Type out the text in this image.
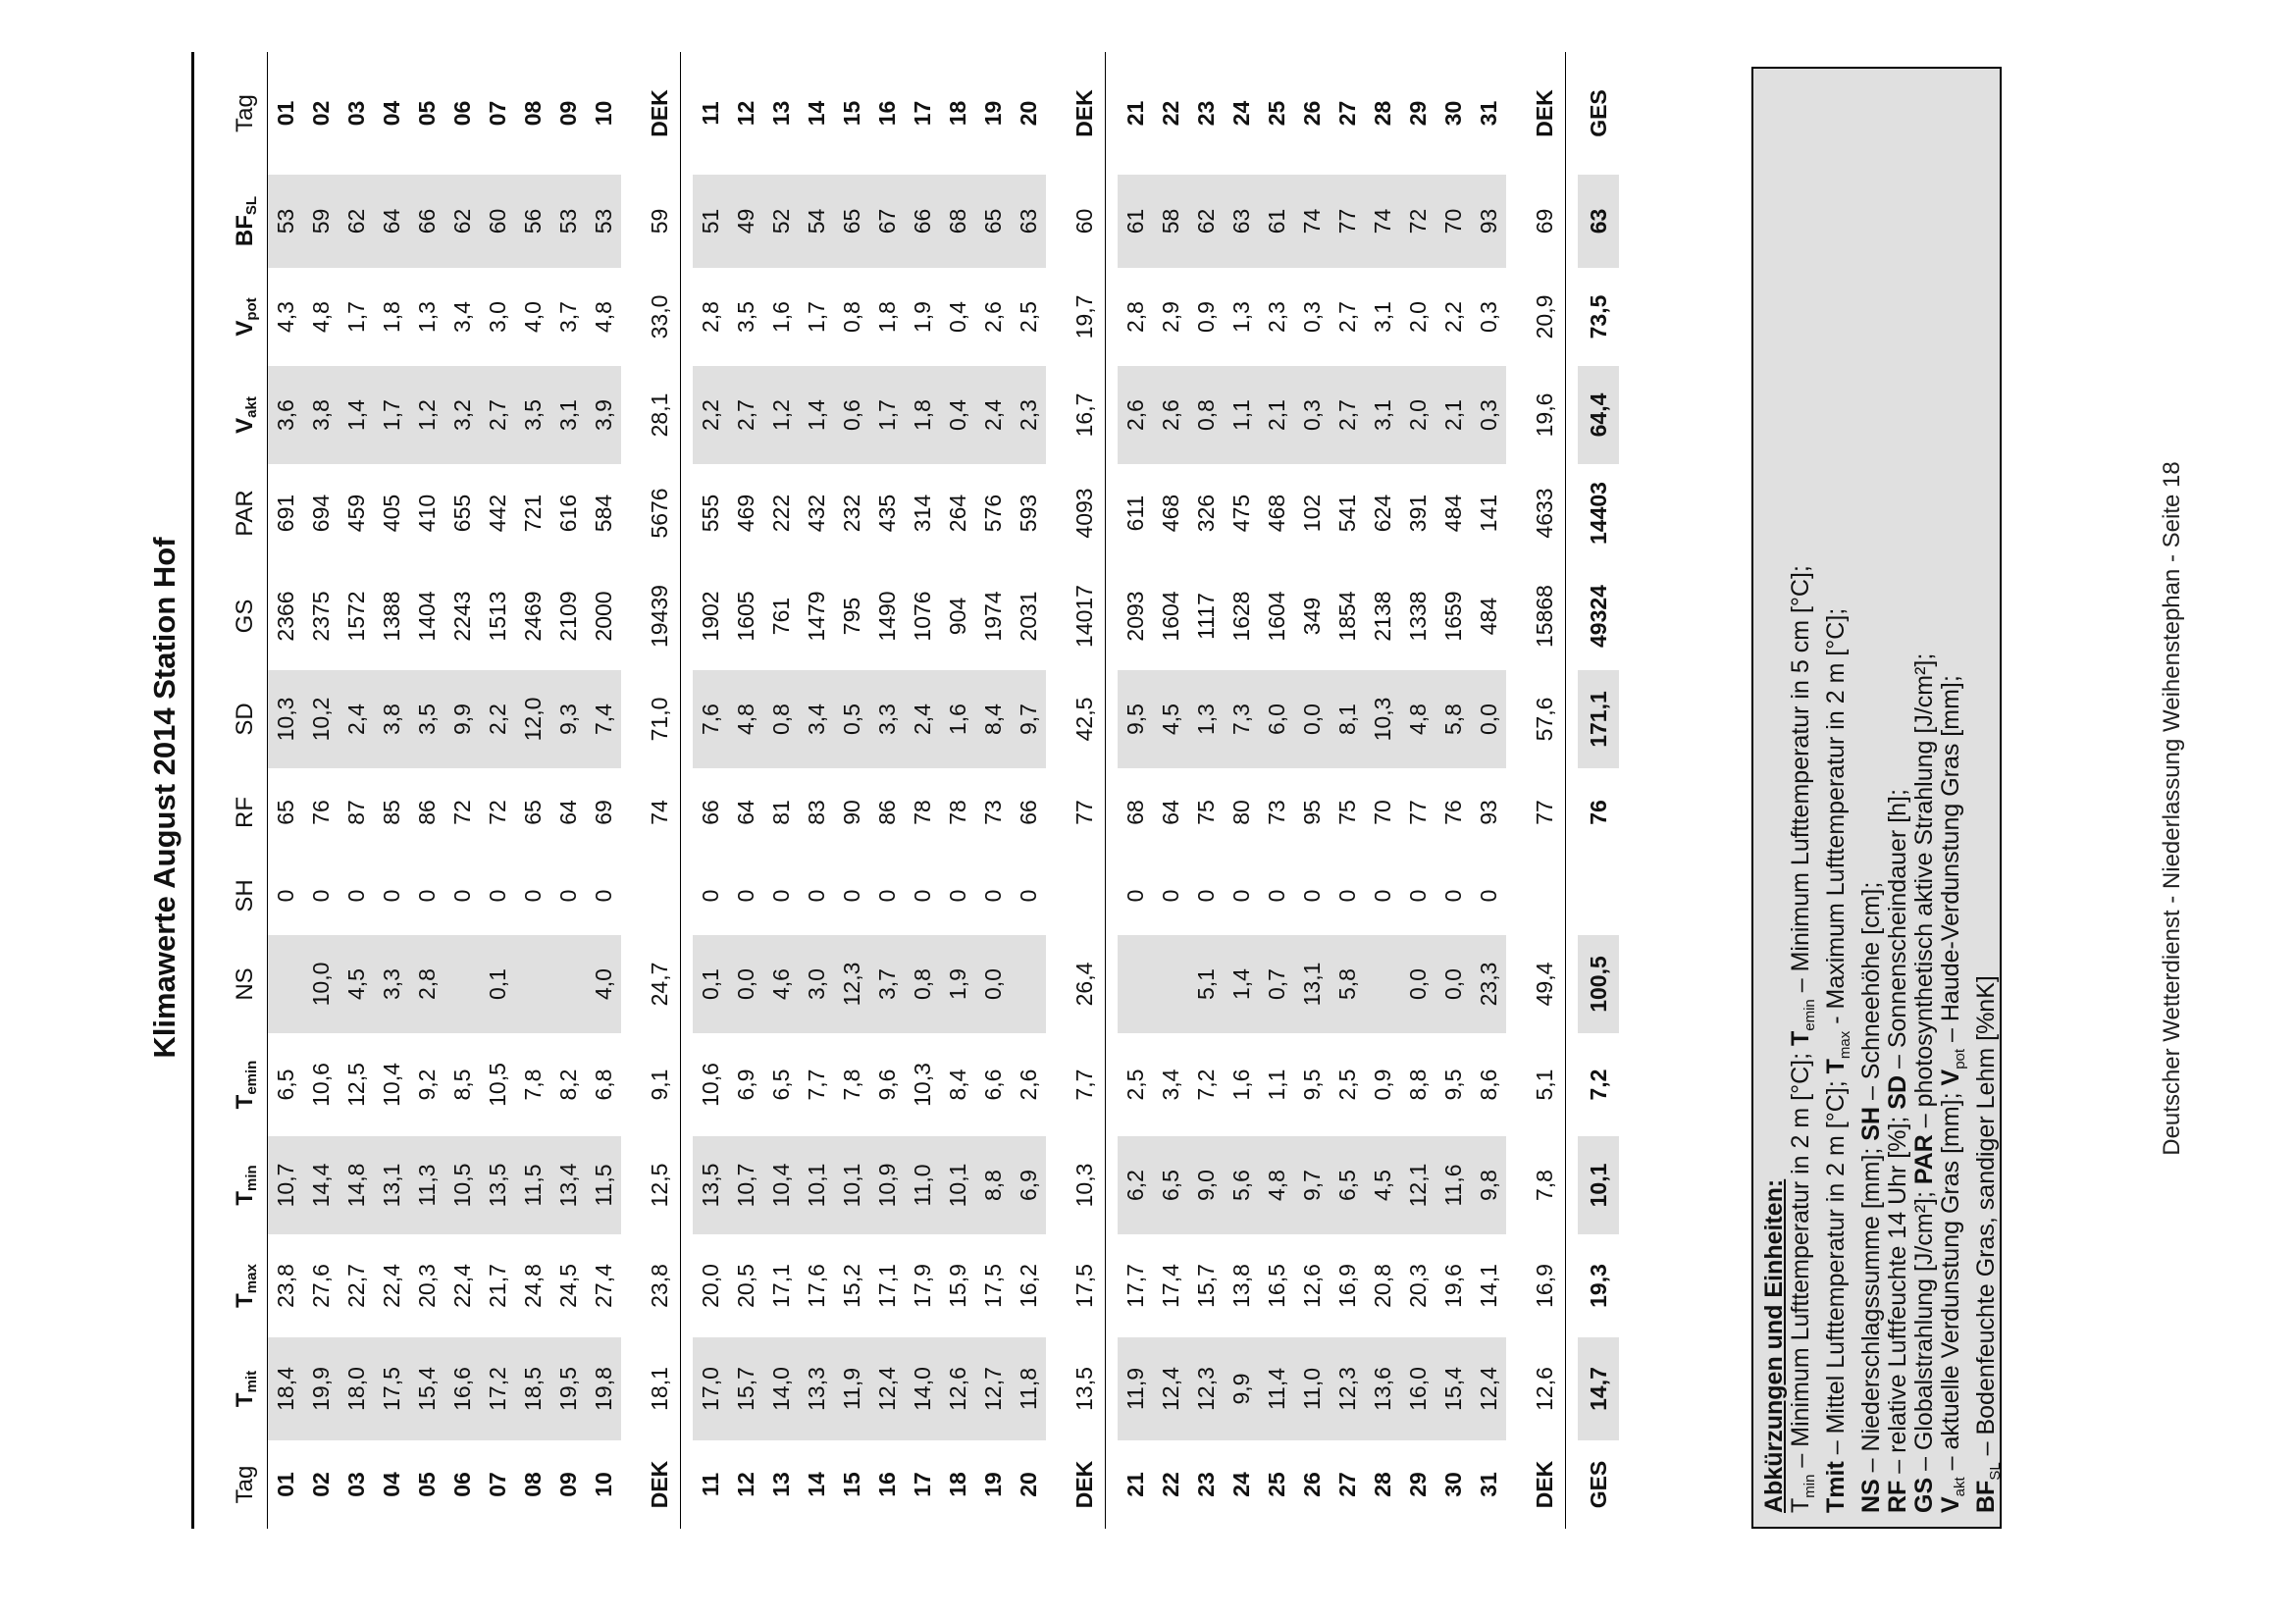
Klimawerte August 2014 Station Hof
Tag	$T_{mit}$	$T_{max}$	$T_{min}$	$T_{emin}$	NS	SH	RF	SD	GS	PAR	$V_{akt}$	$V_{pot}$	$BF_{SL}$	Tag
01	18,4	23,8	10,7	6,5		0	65	10,3	2366	691	3,6	4,3	53	01
02	19,9	27,6	14,4	10,6	10,0	0	76	10,2	2375	694	3,8	4,8	59	02
03	18,0	22,7	14,8	12,5	4,5	0	87	2,4	1572	459	1,4	1,7	62	03
04	17,5	22,4	13,1	10,4	3,3	0	85	3,8	1388	405	1,7	1,8	64	04
05	15,4	20,3	11,3	9,2	2,8	0	86	3,5	1404	410	1,2	1,3	66	05
06	16,6	22,4	10,5	8,5		0	72	9,9	2243	655	3,2	3,4	62	06
07	17,2	21,7	13,5	10,5	0,1	0	72	2,2	1513	442	2,7	3,0	60	07
08	18,5	24,8	11,5	7,8		0	65	12,0	2469	721	3,5	4,0	56	08
09	19,5	24,5	13,4	8,2		0	64	9,3	2109	616	3,1	3,7	53	09
10	19,8	27,4	11,5	6,8	4,0	0	69	7,4	2000	584	3,9	4,8	53	10

DEK	18,1	23,8	12,5	9,1	24,7		74	71,0	19439	5676	28,1	33,0	59	DEK

11	17,0	20,0	13,5	10,6	0,1	0	66	7,6	1902	555	2,2	2,8	51	11
12	15,7	20,5	10,7	6,9	0,0	0	64	4,8	1605	469	2,7	3,5	49	12
13	14,0	17,1	10,4	6,5	4,6	0	81	0,8	761	222	1,2	1,6	52	13
14	13,3	17,6	10,1	7,7	3,0	0	83	3,4	1479	432	1,4	1,7	54	14
15	11,9	15,2	10,1	7,8	12,3	0	90	0,5	795	232	0,6	0,8	65	15
16	12,4	17,1	10,9	9,6	3,7	0	86	3,3	1490	435	1,7	1,8	67	16
17	14,0	17,9	11,0	10,3	0,8	0	78	2,4	1076	314	1,8	1,9	66	17
18	12,6	15,9	10,1	8,4	1,9	0	78	1,6	904	264	0,4	0,4	68	18
19	12,7	17,5	8,8	6,6	0,0	0	73	8,4	1974	576	2,4	2,6	65	19
20	11,8	16,2	6,9	2,6		0	66	9,7	2031	593	2,3	2,5	63	20

DEK	13,5	17,5	10,3	7,7	26,4		77	42,5	14017	4093	16,7	19,7	60	DEK

21	11,9	17,7	6,2	2,5		0	68	9,5	2093	611	2,6	2,8	61	21
22	12,4	17,4	6,5	3,4		0	64	4,5	1604	468	2,6	2,9	58	22
23	12,3	15,7	9,0	7,2	5,1	0	75	1,3	1117	326	0,8	0,9	62	23
24	9,9	13,8	5,6	1,6	1,4	0	80	7,3	1628	475	1,1	1,3	63	24
25	11,4	16,5	4,8	1,1	0,7	0	73	6,0	1604	468	2,1	2,3	61	25
26	11,0	12,6	9,7	9,5	13,1	0	95	0,0	349	102	0,3	0,3	74	26
27	12,3	16,9	6,5	2,5	5,8	0	75	8,1	1854	541	2,7	2,7	77	27
28	13,6	20,8	4,5	0,9		0	70	10,3	2138	624	3,1	3,1	74	28
29	16,0	20,3	12,1	8,8	0,0	0	77	4,8	1338	391	2,0	2,0	72	29
30	15,4	19,6	11,6	9,5	0,0	0	76	5,8	1659	484	2,1	2,2	70	30
31	12,4	14,1	9,8	8,6	23,3	0	93	0,0	484	141	0,3	0,3	93	31

DEK	12,6	16,9	7,8	5,1	49,4		77	57,6	15868	4633	19,6	20,9	69	DEK

GES	14,7	19,3	10,1	7,2	100,5		76	171,1	49324	14403	64,4	73,5	63	GES
Abkürzungen und Einheiten: $T_{min}$ – Minimum Lufttemperatur in 2 m [°C]; $T_{emin}$ – Minimum Lufttemperatur in 5 cm [°C];
Tmit – Mittel Lufttemperatur in 2 m [°C]; $T_{max}$ - Maximum Lufttemperatur in 2 m [°C];
NS – Niederschlagssumme [mm]; SH – Schneehöhe [cm];
RF – relative Luftfeuchte 14 Uhr [%]; SD – Sonnenscheindauer [h];
GS – Globalstrahlung [J/cm²]; PAR – photosynthetisch aktive Strahlung [J/cm²];
$V_{akt}$ – aktuelle Verdunstung Gras [mm]; $V_{pot}$ – Haude-Verdunstung Gras [mm];
$BF_{SL}$ – Bodenfeuchte Gras, sandiger Lehm [%nK]
Deutscher Wetterdienst - Niederlassung Weihenstephan - Seite 18
